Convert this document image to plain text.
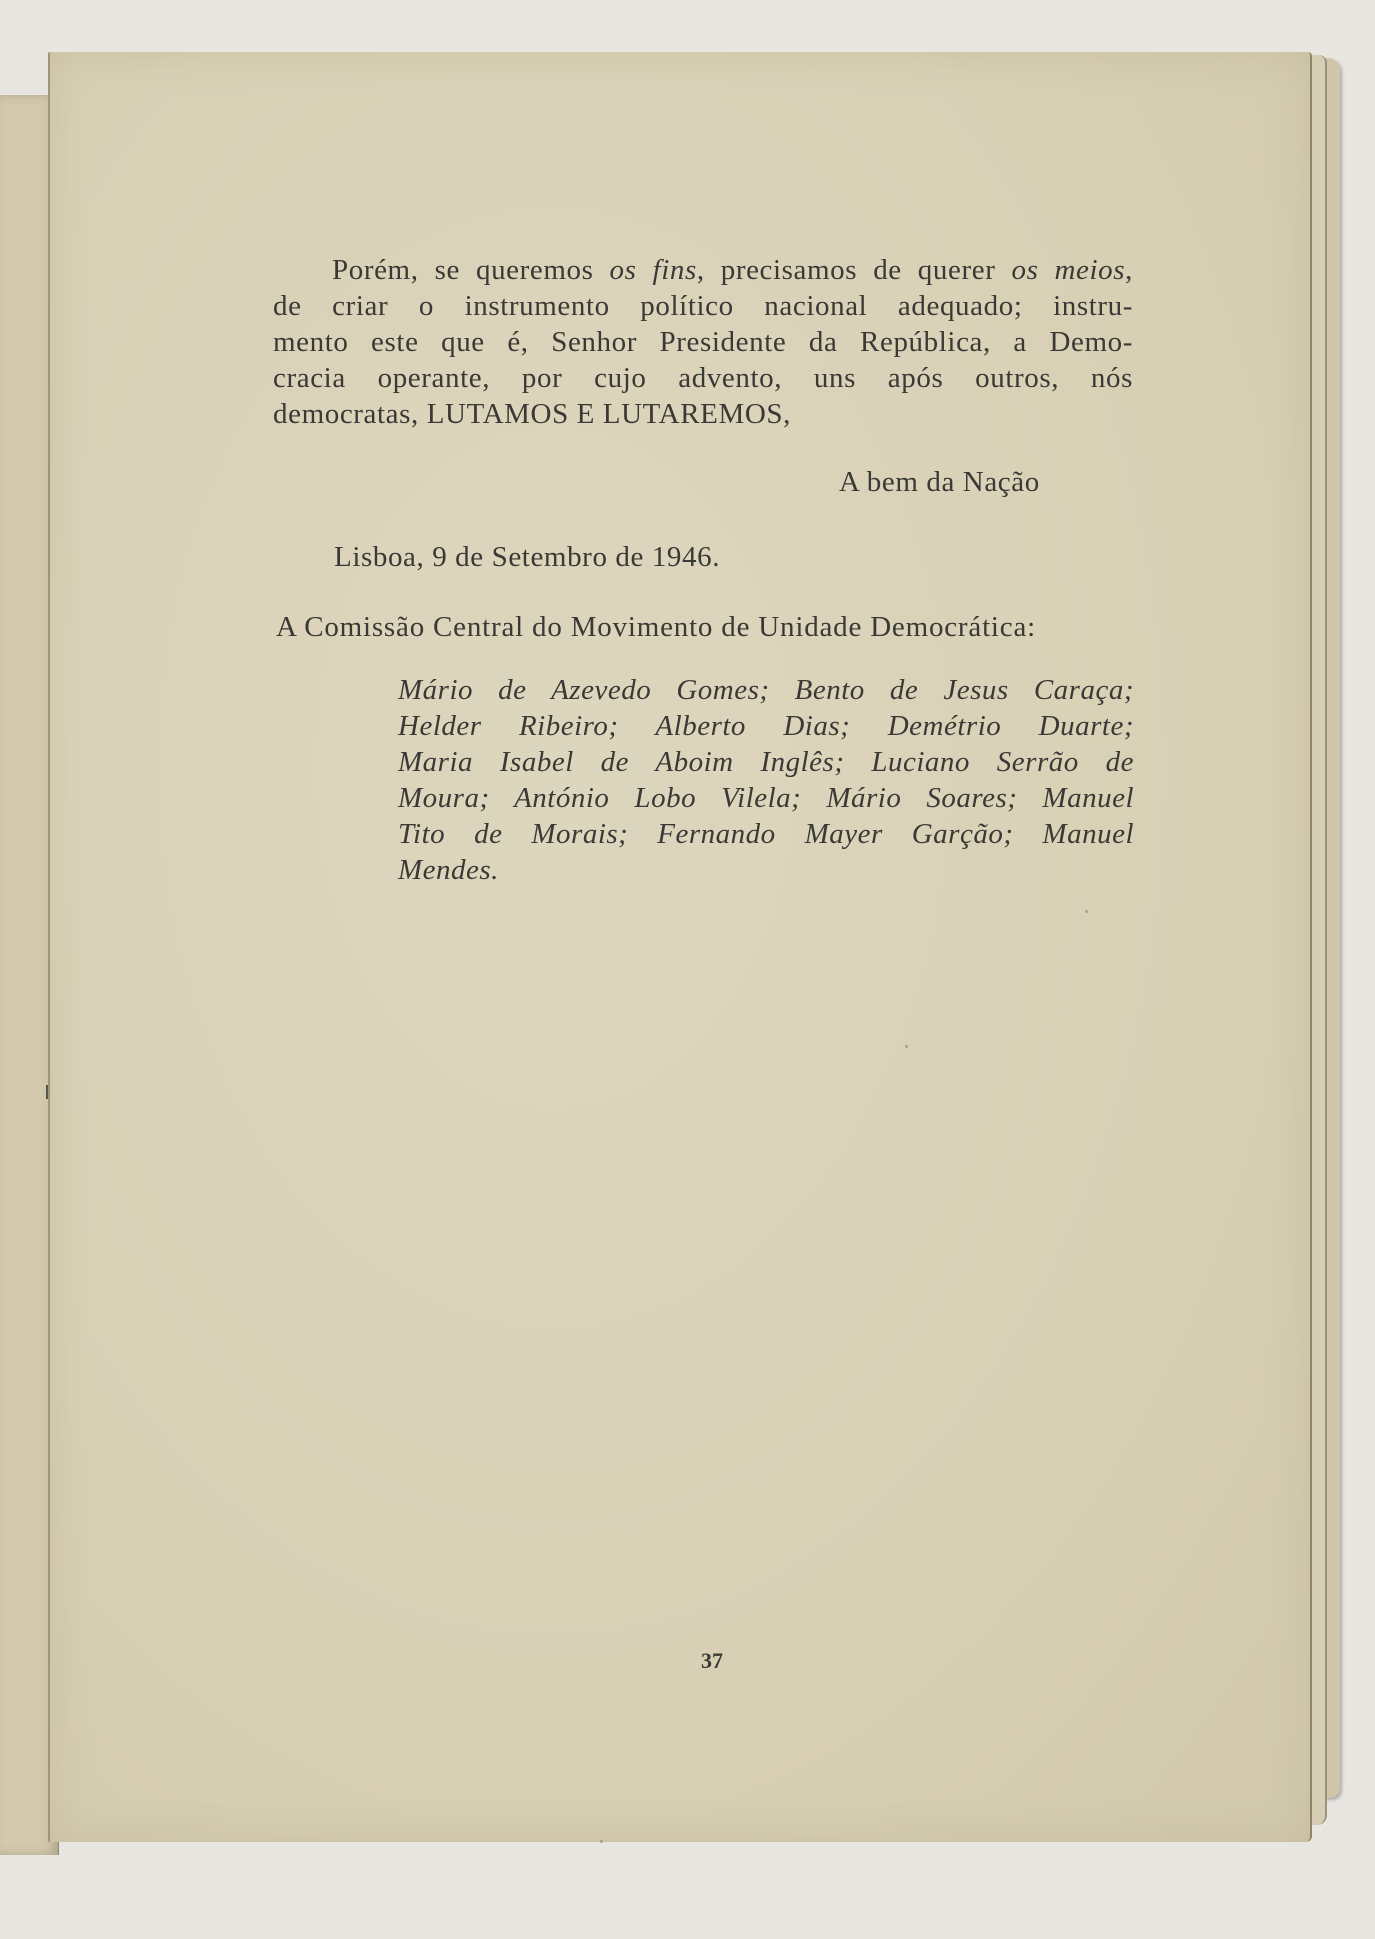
Porém, se queremos os fins, precisamos de querer os meios,
de criar o instrumento político nacional adequado; instru-
mento este que é, Senhor Presidente da República, a Demo-
cracia operante, por cujo advento, uns após outros, nós
democratas, LUTAMOS E LUTAREMOS,
A bem da Nação
Lisboa, 9 de Setembro de 1946.
A Comissão Central do Movimento de Unidade Democrática:
Mário de Azevedo Gomes; Bento de Jesus Caraça;
Helder Ribeiro; Alberto Dias; Demétrio Duarte;
Maria Isabel de Aboim Inglês; Luciano Serrão de
Moura; António Lobo Vilela; Mário Soares; Manuel
Tito de Morais; Fernando Mayer Garção; Manuel
Mendes.
37
